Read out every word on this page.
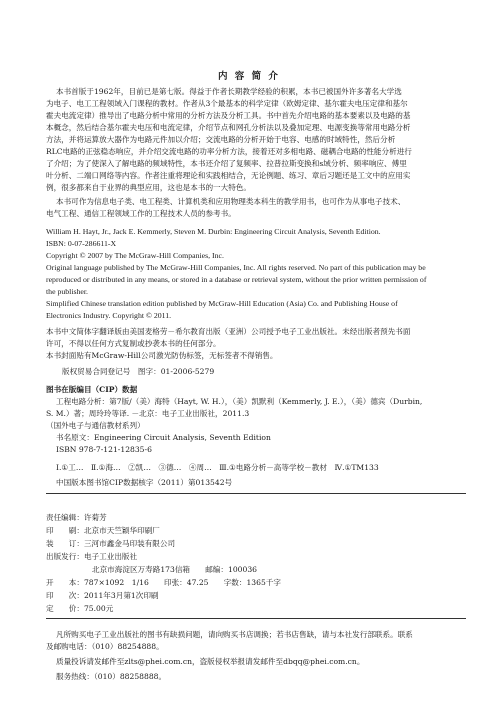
内 容 简 介
本书首版于1962年，目前已是第七版。得益于作者长期教学经验的积累，本书已被国外许多著名大学选
为电子、电工工程领域入门课程的教材。作者从3个最基本的科学定律（欧姆定律、基尔霍夫电压定律和基尔
霍夫电流定律）推导出了电路分析中常用的分析方法及分析工具。书中首先介绍电路的基本要素以及电路的基
本概念，然后结合基尔霍夫电压和电流定律，介绍节点和网孔分析法以及叠加定理、电源变换等常用电路分析
方法，并将运算放大器作为电路元件加以介绍；交流电路的分析开始于电容、电感的时域特性，然后分析
RLC电路的正弦稳态响应，并介绍交流电路的功率分析方法，接着还对多相电路、磁耦合电路的性能分析进行
了介绍；为了使深入了解电路的频域特性，本书还介绍了复频率、拉普拉斯变换和s域分析、频率响应、傅里
叶分析、二端口网络等内容。作者注重将理论和实践相结合，无论例题、练习、章后习题还是工文中的应用实
例，很多都来自于业界的典型应用，这也是本书的一大特色。
本书可作为信息电子类、电工程类、计算机类和应用物理类本科生的教学用书，也可作为从事电子技术、
电气工程、通信工程领域工作的工程技术人员的参考书。
William H. Hayt, Jr., Jack E. Kemmerly, Steven M. Durbin: Engineering Circuit Analysis, Seventh Edition.
ISBN: 0-07-286611-X
Copyright © 2007 by The McGraw-Hill Companies, Inc.
Original language published by The McGraw-Hill Companies, Inc. All rights reserved. No part of this publication may be
reproduced or distributed in any means, or stored in a database or retrieval system, without the prior written permission of
the publisher.
Simplified Chinese translation edition published by McGraw-Hill Education (Asia) Co. and Publishing House of
Electronics Industry. Copyright © 2011.
本书中文简体字翻译版由美国麦格劳－希尔教育出版（亚洲）公司授予电子工业出版社。未经出版者预先书面
许可，不得以任何方式复制或抄袭本书的任何部分。
本书封面贴有McGraw-Hill公司激光防伪标签，无标签者不得销售。
版权贸易合同登记号　图字：01-2006-5279
图书在版编目（CIP）数据
工程电路分析：第7版/（美）海特（Hayt, W. H.），（美）凯默利（Kemmerly, J. E.），（美）德宾（Durbin,
S. M.）著；周玲玲等译. －北京：电子工业出版社，2011.3
（国外电子与通信教材系列）
书名原文：Engineering Circuit Analysis, Seventh Edition
ISBN 978-7-121-12835-6
Ⅰ.①工…　Ⅱ.①海…　②凯…　③德…　④周…　Ⅲ.①电路分析－高等学校－教材　Ⅳ.①TM133
中国版本图书馆CIP数据核字（2011）第013542号
责任编辑：许菊芳
印　　刷：北京市天竺颖华印刷厂
装　　订：三河市鑫金马印装有限公司
出版发行：电子工业出版社
北京市海淀区万寿路173信箱　　邮编：100036
开　　本：787×1092　1/16　　印张：47.25　　字数：1365千字
印　　次：2011年3月第1次印刷
定　　价：75.00元
凡所购买电子工业出版社的图书有缺损问题，请向购买书店调换；若书店售缺，请与本社发行部联系。联系
及邮购电话：（010）88254888。
质量投诉请发邮件至zlts@phei.com.cn，盗版侵权举报请发邮件至dbqq@phei.com.cn。
服务热线：（010）88258888。
